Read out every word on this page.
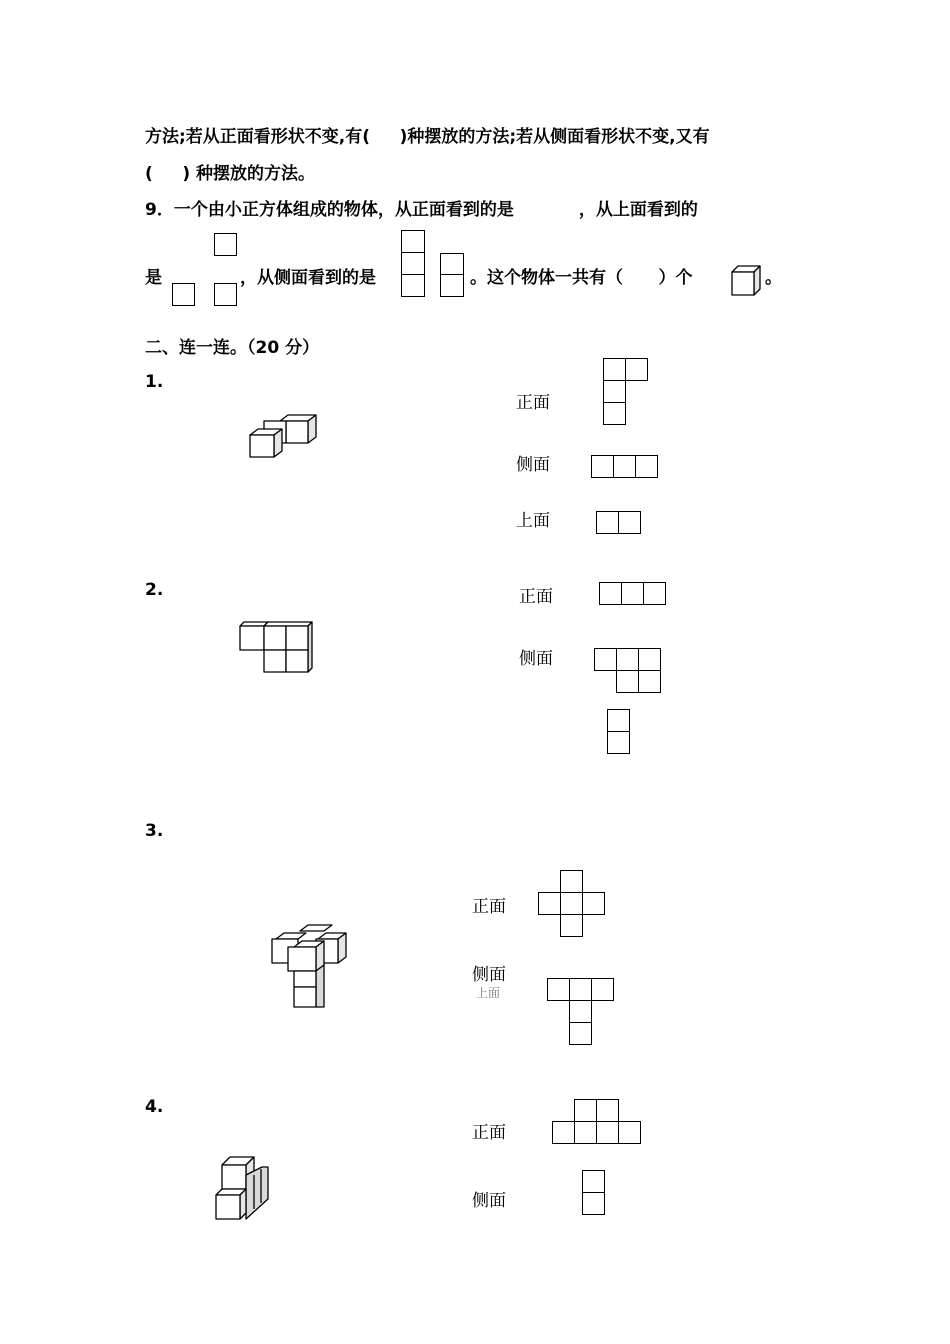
方法;若从正面看形状不变,有(     )种摆放的方法;若从侧面看形状不变,又有
(     ) 种摆放的方法。
9．一个由小正方体组成的物体，从正面看到的是           ，从上面看到的
是	，从侧面看到的是	。这个物体一共有（      ）个	。
二、连一连。（20 分）
1.
正面
侧面
上面
2.	正面
侧面
3.
正面
侧面
上面
4.
正面
侧面
